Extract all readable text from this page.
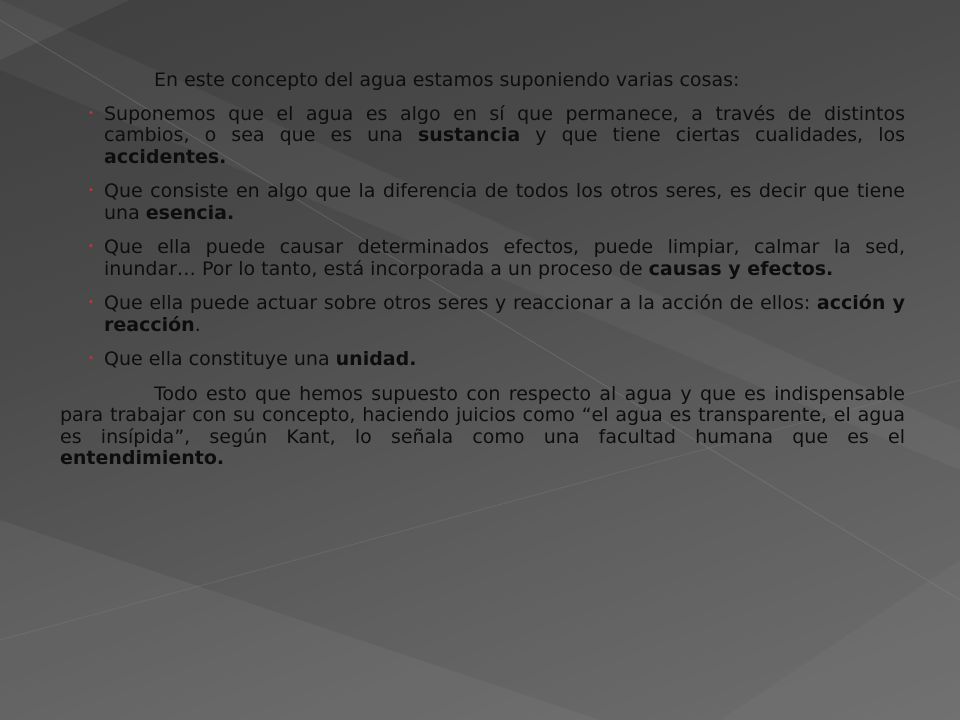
En este concepto del agua estamos suponiendo varias cosas:

• Suponemos que el agua es algo en sí que permanece, a través de distintos cambios, o sea que es una sustancia y que tiene ciertas cualidades, los accidentes.
• Que consiste en algo que la diferencia de todos los otros seres, es decir que tiene una esencia.
• Que ella puede causar determinados efectos, puede limpiar, calmar la sed, inundar… Por lo tanto, está incorporada a un proceso de causas y efectos.
• Que ella puede actuar sobre otros seres y reaccionar a la acción de ellos: acción y reacción.
• Que ella constituye una unidad.

Todo esto que hemos supuesto con respecto al agua y que es indispensable para trabajar con su concepto, haciendo juicios como “el agua es transparente, el agua es insípida”, según Kant, lo señala como una facultad humana que es el entendimiento.
